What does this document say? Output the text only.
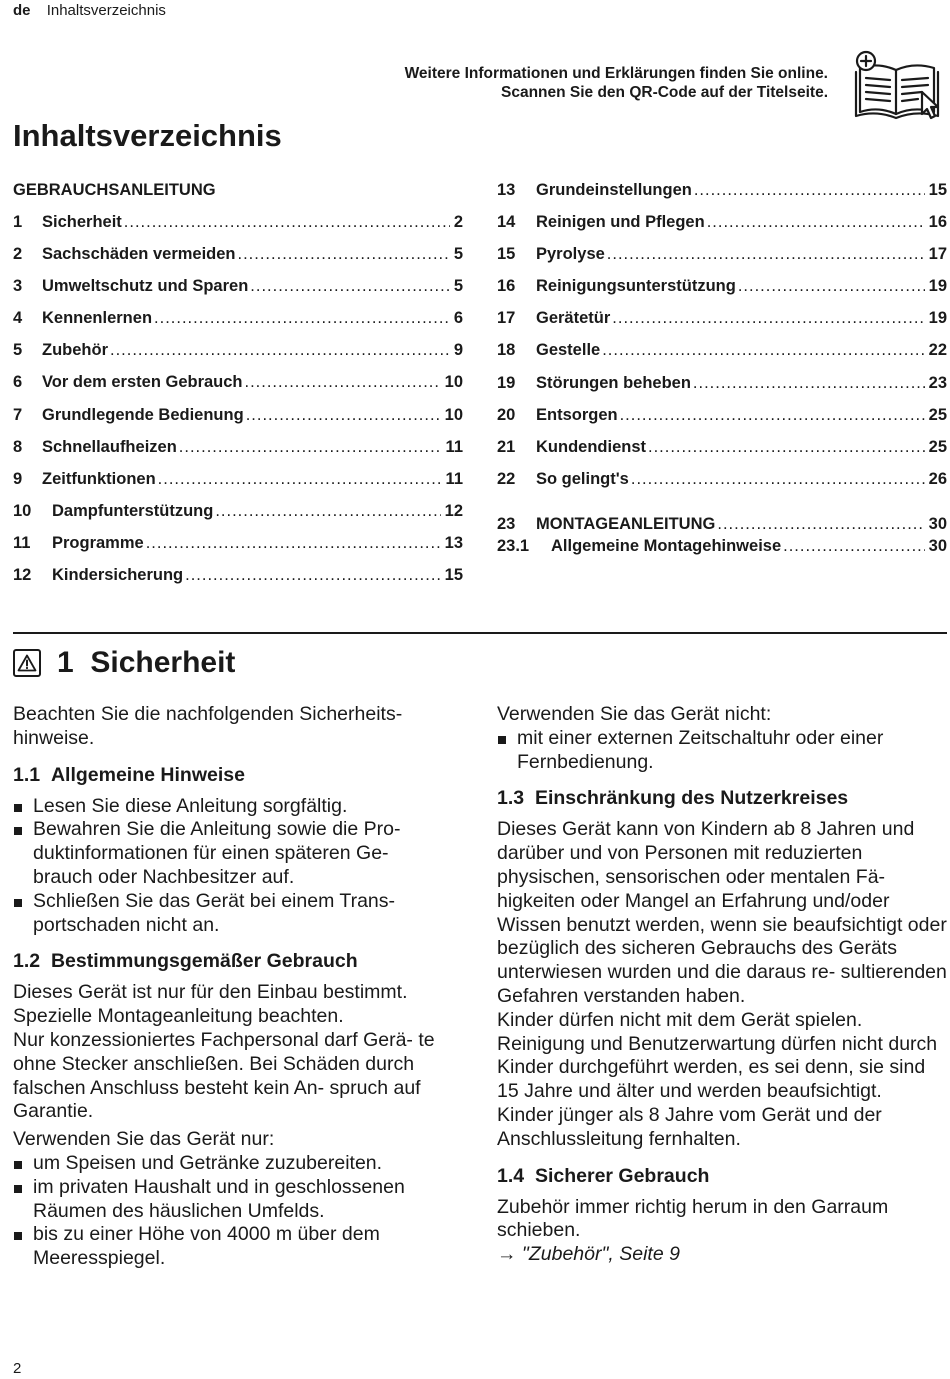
de Inhaltsverzeichnis
Weitere Informationen und Erklärungen finden Sie online.
Scannen Sie den QR-Code auf der Titelseite.
Inhaltsverzeichnis
GEBRAUCHSANLEITUNG
1	Sicherheit .....	2
2	Sachschäden vermeiden .....	5
3	Umweltschutz und Sparen .....	5
4	Kennenlernen .....	6
5	Zubehör .....	9
6	Vor dem ersten Gebrauch .....	10
7	Grundlegende Bedienung .....	10
8	Schnellaufheizen .....	11
9	Zeitfunktionen .....	11
10	Dampfunterstützung .....	12
11	Programme .....	13
12	Kindersicherung .....	15
13	Grundeinstellungen .....	15
14	Reinigen und Pflegen .....	16
15	Pyrolyse .....	17
16	Reinigungsunterstützung .....	19
17	Gerätetür .....	19
18	Gestelle .....	22
19	Störungen beheben .....	23
20	Entsorgen .....	25
21	Kundendienst .....	25
22	So gelingt's .....	26
23	MONTAGEANLEITUNG .....	30
23.1	Allgemeine Montagehinweise .....	30
1 Sicherheit

Beachten Sie die nachfolgenden Sicherheits-
hinweise.

1.1 Allgemeine Hinweise
Lesen Sie diese Anleitung sorgfältig.
Bewahren Sie die Anleitung sowie die Pro- duktinformationen für einen späteren Ge- brauch oder Nachbesitzer auf.
Schließen Sie das Gerät bei einem Trans- portschaden nicht an.
1.2 Bestimmungsgemäßer Gebrauch

Dieses Gerät ist nur für den Einbau bestimmt. Spezielle Montageanleitung beachten.

Nur konzessioniertes Fachpersonal darf Gerä- te ohne Stecker anschließen. Bei Schäden durch falschen Anschluss besteht kein An- spruch auf Garantie.

Verwenden Sie das Gerät nur:

um Speisen und Getränke zuzubereiten.
im privaten Haushalt und in geschlossenen Räumen des häuslichen Umfelds.
bis zu einer Höhe von 4000 m über dem Meeresspiegel.

Verwenden Sie das Gerät nicht:

mit einer externen Zeitschaltuhr oder einer Fernbedienung.
1.3 Einschränkung des Nutzerkreises

Dieses Gerät kann von Kindern ab 8 Jahren und darüber und von Personen mit reduzierten physischen, sensorischen oder mentalen Fä- higkeiten oder Mangel an Erfahrung und/oder Wissen benutzt werden, wenn sie beaufsichtigt oder bezüglich des sicheren Gebrauchs des Geräts unterwiesen wurden und die daraus re- sultierenden Gefahren verstanden haben.

Kinder dürfen nicht mit dem Gerät spielen.

Reinigung und Benutzerwartung dürfen nicht durch Kinder durchgeführt werden, es sei denn, sie sind 15 Jahre und älter und werden beaufsichtigt.

Kinder jünger als 8 Jahre vom Gerät und der Anschlussleitung fernhalten.

1.4 Sicherer Gebrauch

Zubehör immer richtig herum in den Garraum schieben.

→ "Zubehör", Seite 9

2
